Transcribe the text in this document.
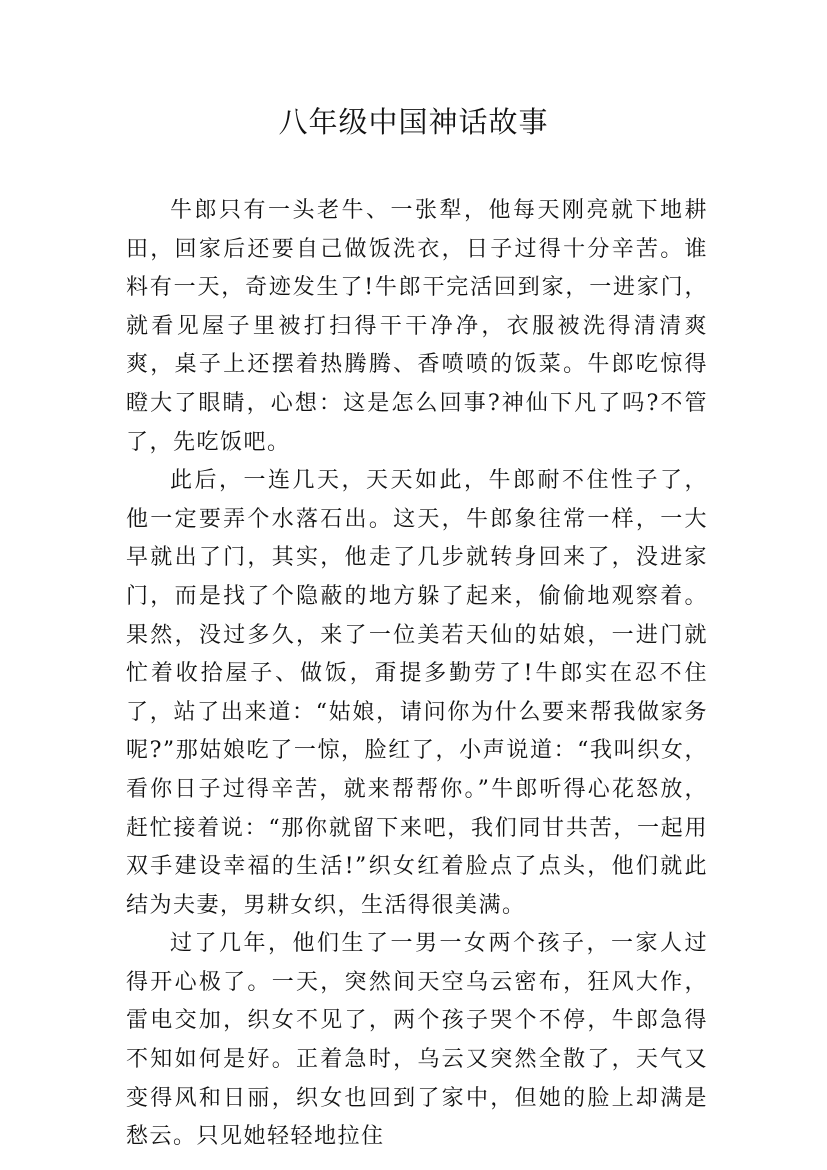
八年级中国神话故事

牛郎只有一头老牛、一张犁，他每天刚亮就下地耕田，回家后还要自己做饭洗衣，日子过得十分辛苦。谁料有一天，奇迹发生了!牛郎干完活回到家，一进家门，就看见屋子里被打扫得干干净净，衣服被洗得清清爽爽，桌子上还摆着热腾腾、香喷喷的饭菜。牛郎吃惊得瞪大了眼睛，心想：这是怎么回事?神仙下凡了吗?不管了，先吃饭吧。

此后，一连几天，天天如此，牛郎耐不住性子了，他一定要弄个水落石出。这天，牛郎象往常一样，一大早就出了门，其实，他走了几步就转身回来了，没进家门，而是找了个隐蔽的地方躲了起来，偷偷地观察着。果然，没过多久，来了一位美若天仙的姑娘，一进门就忙着收拾屋子、做饭，甭提多勤劳了!牛郎实在忍不住了，站了出来道：“姑娘，请问你为什么要来帮我做家务呢?”那姑娘吃了一惊，脸红了，小声说道：“我叫织女，看你日子过得辛苦，就来帮帮你。”牛郎听得心花怒放，赶忙接着说：“那你就留下来吧，我们同甘共苦，一起用双手建设幸福的生活!”织女红着脸点了点头，他们就此结为夫妻，男耕女织，生活得很美满。

过了几年，他们生了一男一女两个孩子，一家人过得开心极了。一天，突然间天空乌云密布，狂风大作，雷电交加，织女不见了，两个孩子哭个不停，牛郎急得不知如何是好。正着急时，乌云又突然全散了，天气又变得风和日丽，织女也回到了家中，但她的脸上却满是愁云。只见她轻轻地拉住
